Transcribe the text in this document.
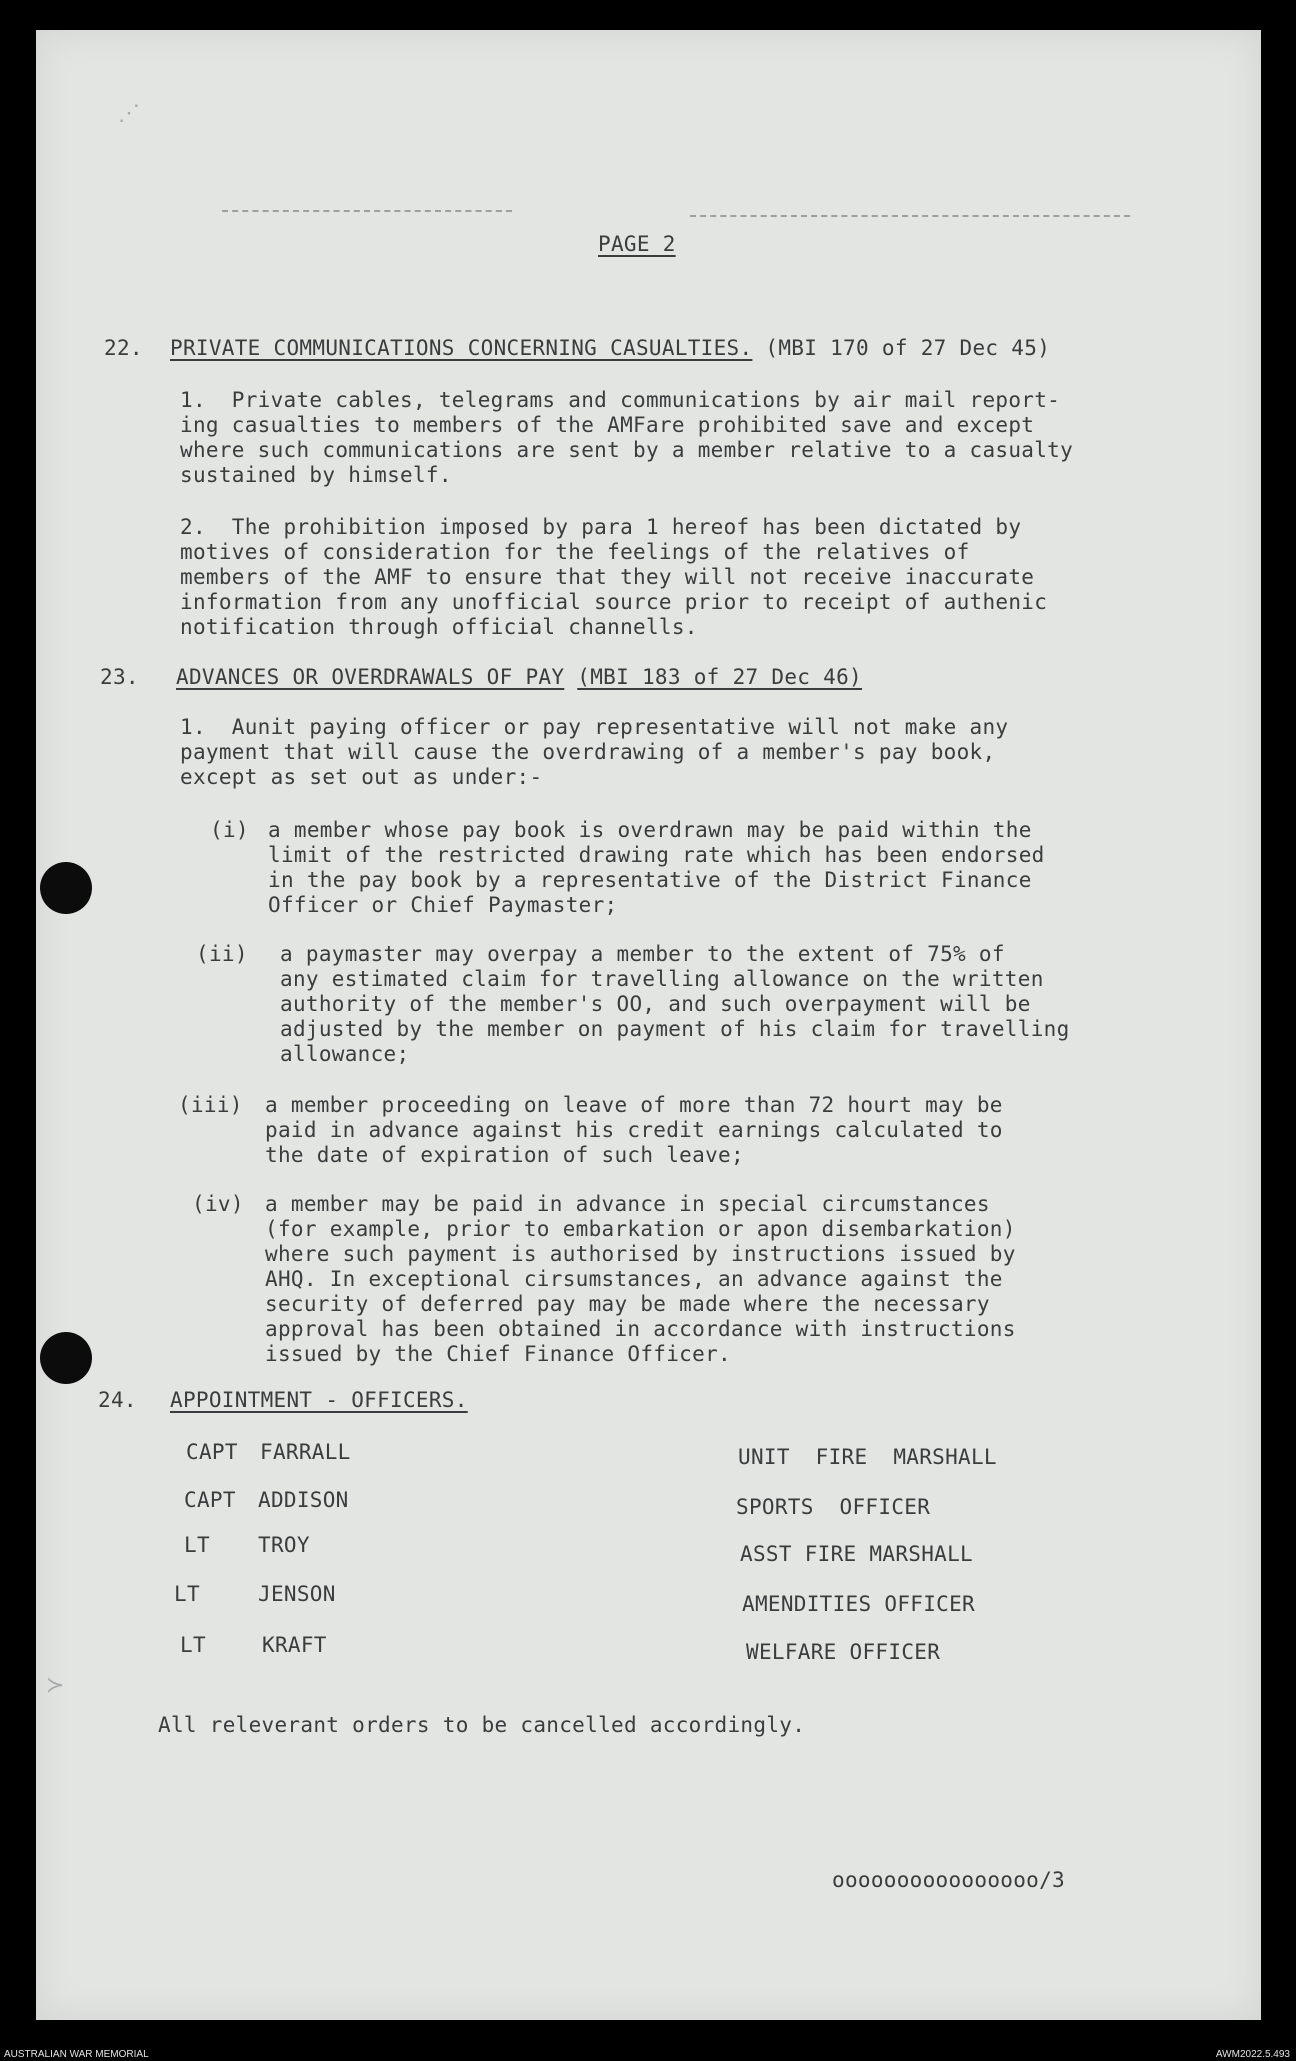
⋰
≻

PAGE 2

22. PRIVATE COMMUNICATIONS CONCERNING CASUALTIES. (MBI 170 of 27 Dec 45)

1.  Private cables, telegrams and communications by air mail report-
ing casualties to members of the AMFare prohibited save and except
where such communications are sent by a member relative to a casualty
sustained by himself.

2.  The prohibition imposed by para 1 hereof has been dictated by
motives of consideration for the feelings of the relatives of
members of the AMF to ensure that they will not receive inaccurate
information from any unofficial source prior to receipt of authenic
notification through official channells.

23. ADVANCES OR OVERDRAWALS OF PAY (MBI 183 of 27 Dec 46)

1.  Aunit paying officer or pay representative will not make any
payment that will cause the overdrawing of a member's pay book,
except as set out as under:-

(i) a member whose pay book is overdrawn may be paid within the
limit of the restricted drawing rate which has been endorsed
in the pay book by a representative of the District Finance
Officer or Chief Paymaster;

(ii) a paymaster may overpay a member to the extent of 75% of
any estimated claim for travelling allowance on the written
authority of the member's OO, and such overpayment will be
adjusted by the member on payment of his claim for travelling
allowance;

(iii) a member proceeding on leave of more than 72 hourt may be
paid in advance against his credit earnings calculated to
the date of expiration of such leave;

(iv) a member may be paid in advance in special circumstances
(for example, prior to embarkation or apon disembarkation)
where such payment is authorised by instructions issued by
AHQ. In exceptional cirsumstances, an advance against the
security of deferred pay may be made where the necessary
approval has been obtained in accordance with instructions
issued by the Chief Finance Officer.

24. APPOINTMENT - OFFICERS.

CAPT FARRALL	UNIT  FIRE  MARSHALL

CAPT ADDISON	SPORTS  OFFICER

LT TROY	ASST FIRE MARSHALL

LT	JENSON	AMENDITIES OFFICER

LT	KRAFT	WELFARE OFFICER

All releverant orders to be cancelled accordingly.

oooooooooooooooo/3

AUSTRALIAN WAR MEMORIAL	AWM2022.5.493
